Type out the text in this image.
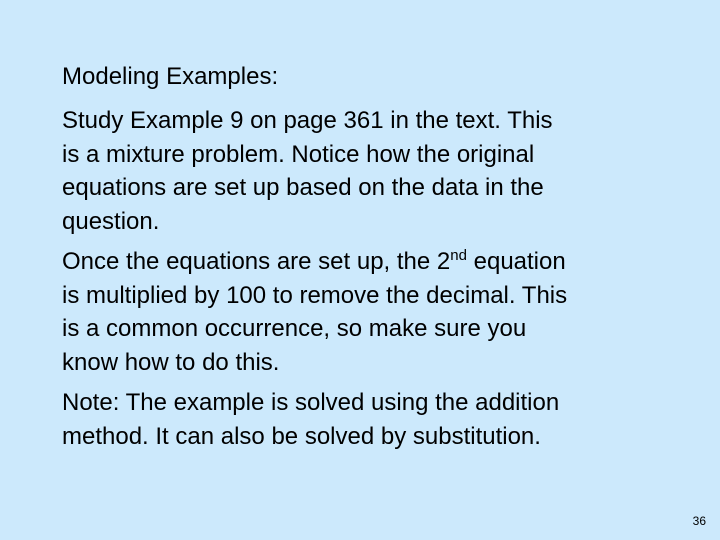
Modeling Examples:

Study Example 9 on page 361 in the text. This
is a mixture problem. Notice how the original
equations are set up based on the data in the
question.

Once the equations are set up, the 2nd equation
is multiplied by 100 to remove the decimal. This
is a common occurrence, so make sure you
know how to do this.

Note: The example is solved using the addition
method. It can also be solved by substitution.

36
